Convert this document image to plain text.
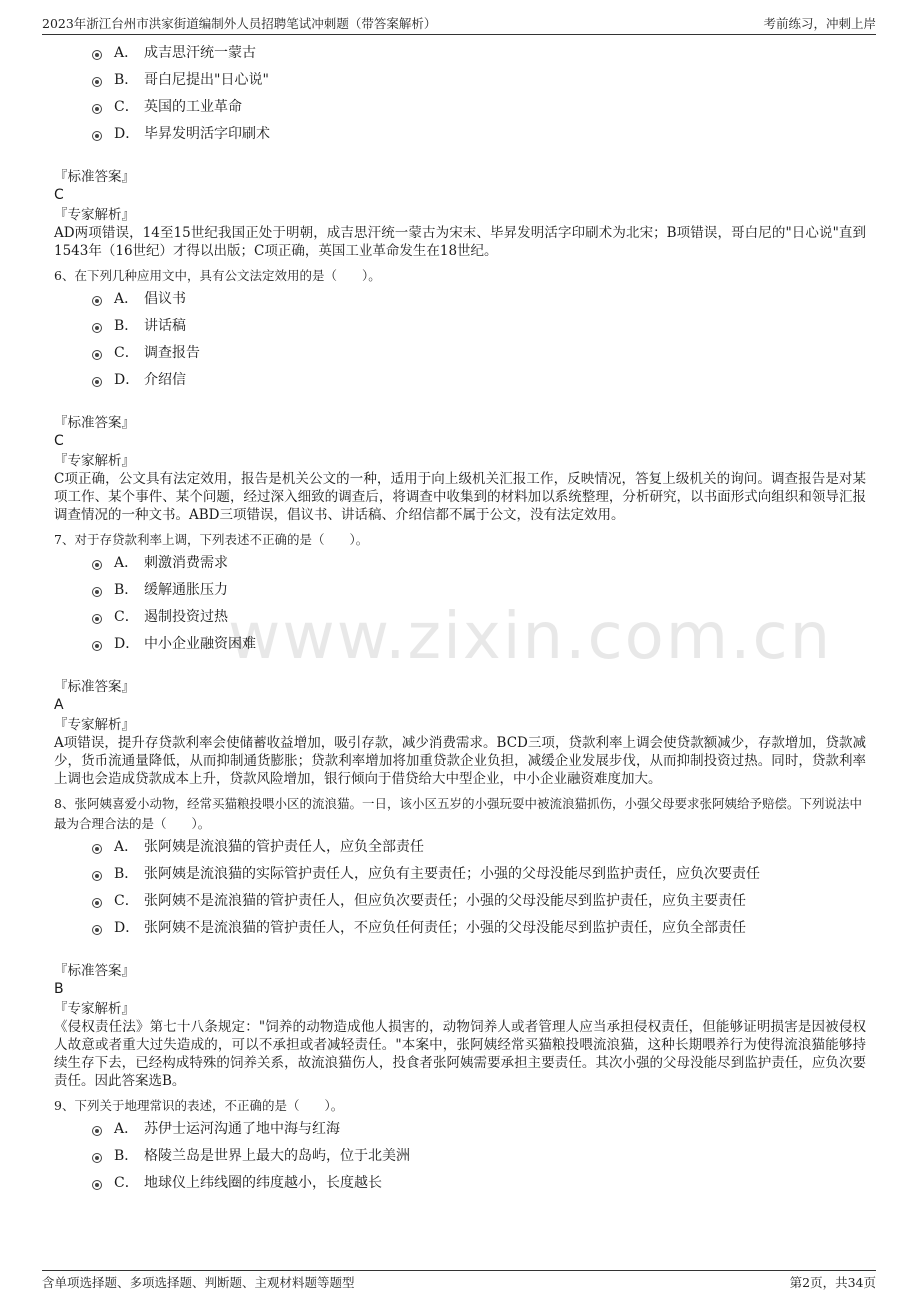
2023年浙江台州市洪家街道编制外人员招聘笔试冲刺题（带答案解析）	考前练习，冲刺上岸
www.zixin.com.cn
A． 成吉思汗统一蒙古
B． 哥白尼提出"日心说"
C． 英国的工业革命
D． 毕昇发明活字印刷术
『标准答案』
C
『专家解析』
AD两项错误，14至15世纪我国正处于明朝，成吉思汗统一蒙古为宋末、毕昇发明活字印刷术为北宋；B项错误，哥白尼的"日心说"直到1543年（16世纪）才得以出版；C项正确，英国工业革命发生在18世纪。
6、在下列几种应用文中，具有公文法定效用的是（　　）。
A． 倡议书
B． 讲话稿
C． 调查报告
D． 介绍信
『标准答案』
C
『专家解析』
C项正确，公文具有法定效用，报告是机关公文的一种，适用于向上级机关汇报工作，反映情况，答复上级机关的询问。调查报告是对某项工作、某个事件、某个问题，经过深入细致的调查后，将调查中收集到的材料加以系统整理，分析研究，以书面形式向组织和领导汇报调查情况的一种文书。ABD三项错误，倡议书、讲话稿、介绍信都不属于公文，没有法定效用。
7、对于存贷款利率上调，下列表述不正确的是（　　）。
A． 刺激消费需求
B． 缓解通胀压力
C． 遏制投资过热
D． 中小企业融资困难
『标准答案』
A
『专家解析』
A项错误，提升存贷款利率会使储蓄收益增加，吸引存款，减少消费需求。BCD三项，贷款利率上调会使贷款额减少，存款增加，贷款减少，货币流通量降低，从而抑制通货膨胀；贷款利率增加将加重贷款企业负担，减缓企业发展步伐，从而抑制投资过热。同时，贷款利率上调也会造成贷款成本上升，贷款风险增加，银行倾向于借贷给大中型企业，中小企业融资难度加大。
8、张阿姨喜爱小动物，经常买猫粮投喂小区的流浪猫。一日，该小区五岁的小强玩耍中被流浪猫抓伤，小强父母要求张阿姨给予赔偿。下列说法中最为合理合法的是（　　）。
A． 张阿姨是流浪猫的管护责任人，应负全部责任
B． 张阿姨是流浪猫的实际管护责任人，应负有主要责任；小强的父母没能尽到监护责任，应负次要责任
C． 张阿姨不是流浪猫的管护责任人，但应负次要责任；小强的父母没能尽到监护责任，应负主要责任
D． 张阿姨不是流浪猫的管护责任人，不应负任何责任；小强的父母没能尽到监护责任，应负全部责任
『标准答案』
B
『专家解析』
《侵权责任法》第七十八条规定："饲养的动物造成他人损害的，动物饲养人或者管理人应当承担侵权责任，但能够证明损害是因被侵权人故意或者重大过失造成的，可以不承担或者减轻责任。"本案中，张阿姨经常买猫粮投喂流浪猫，这种长期喂养行为使得流浪猫能够持续生存下去，已经构成特殊的饲养关系，故流浪猫伤人，投食者张阿姨需要承担主要责任。其次小强的父母没能尽到监护责任，应负次要责任。因此答案选B。
9、下列关于地理常识的表述，不正确的是（　　）。
A． 苏伊士运河沟通了地中海与红海
B． 格陵兰岛是世界上最大的岛屿，位于北美洲
C． 地球仪上纬线圈的纬度越小，长度越长
含单项选择题、多项选择题、判断题、主观材料题等题型	第2页，共34页
